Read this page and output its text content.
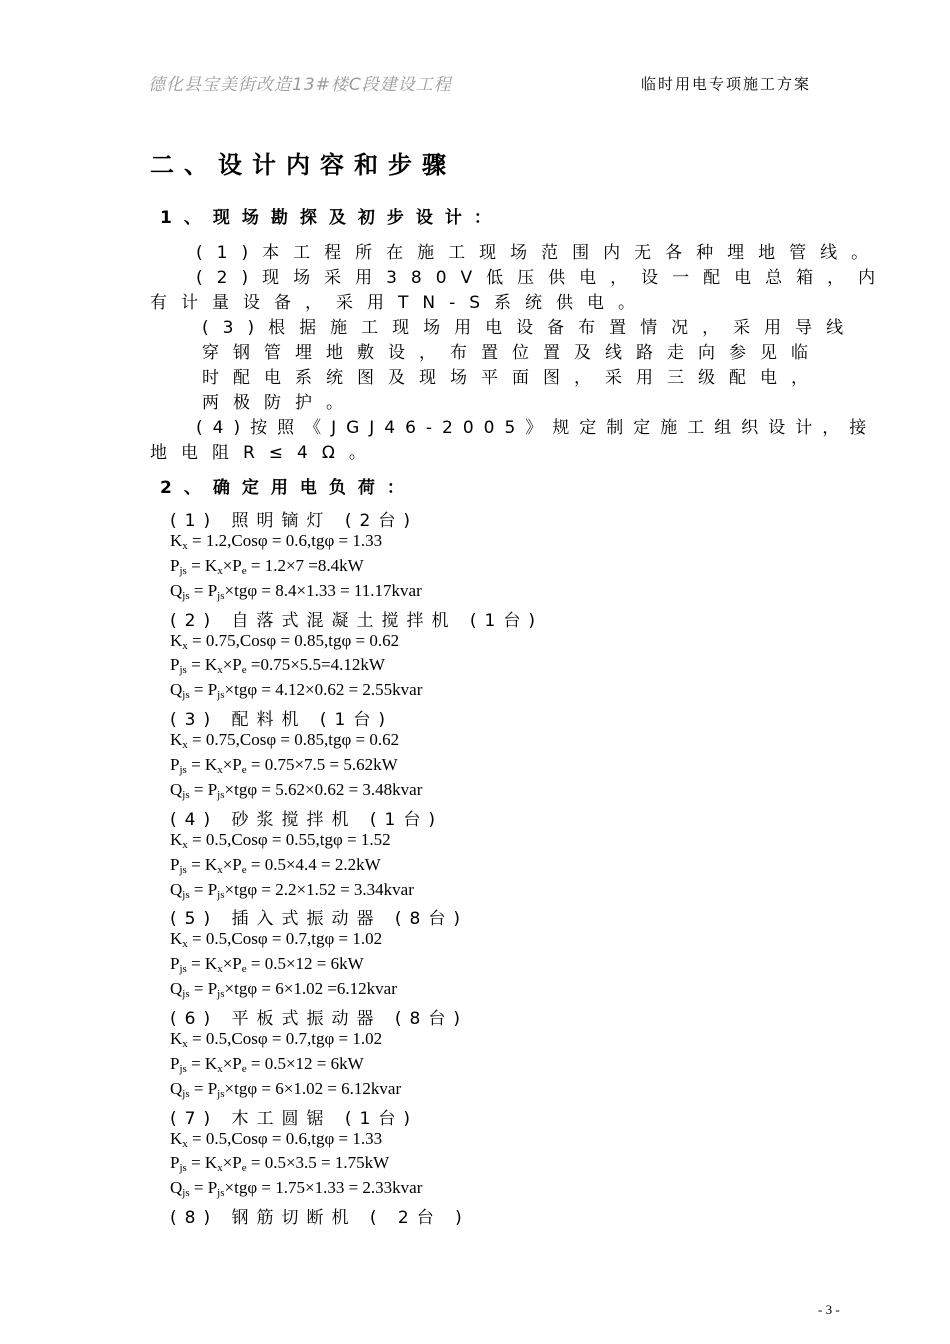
德化县宝美街改造13#楼C段建设工程	临时用电专项施工方案
二、设计内容和步骤
1、现场勘探及初步设计：
(1)本工程所在施工现场范围内无各种埋地管线。
(2)现场采用380V低压供电，设一配电总箱，内
有计量设备，采用TN-S系统供电。
(3)根据施工现场用电设备布置情况，采用导线
穿钢管埋地敷设，布置位置及线路走向参见临
时配电系统图及现场平面图，采用三级配电，
两极防护。
(4)按照《JGJ46-2005》规定制定施工组织设计，接
地电阻R≤4Ω。
2、确定用电负荷：
(1) 照明镝灯 (2台)
$K_x = 1.2,Cos\varphi = 0.6,tg\varphi = 1.33$
$P_{js} = K_x\times P_e = 1.2\times 7 =8.4kW$
$Q_{js} = P_{js}\times tg\varphi = 8.4\times 1.33$ = 11.17kvar
(2) 自落式混凝土搅拌机 (1台)
$K_x = 0.75,Cos\varphi = 0.85,tg\varphi = 0.62$
$P_{js} = K_x\times P_e =0.75\times 5.5=4.12kW$
$Q_{js} = P_{js}\times tg\varphi = 4.12\times 0.62$ = 2.55kvar
(3) 配料机 (1台)
$K_x = 0.75,Cos\varphi = 0.85,tg\varphi = 0.62$
$P_{js} = K_x\times P_e = 0.75\times 7.5 = 5.62kW$
$Q_{js} = P_{js}\times tg\varphi = 5.62\times 0.62$ = 3.48kvar
(4) 砂浆搅拌机 (1台)
$K_x = 0.5,Cos\varphi = 0.55,tg\varphi = 1.52$
$P_{js} = K_x\times P_e = 0.5\times 4.4 = 2.2kW$
$Q_{js} = P_{js}\times tg\varphi = 2.2\times 1.52$ = 3.34kvar
(5) 插入式振动器 (8台)
$K_x = 0.5,Cos\varphi = 0.7,tg\varphi = 1.02$
$P_{js} = K_x\times P_e = 0.5\times 12 = 6kW$
$Q_{js} = P_{js}\times tg\varphi = 6\times 1.02$ =6.12kvar
(6) 平板式振动器 (8台)
$K_x = 0.5,Cos\varphi = 0.7,tg\varphi = 1.02$
$P_{js} = K_x\times P_e = 0.5\times 12 = 6kW$
$Q_{js} = P_{js}\times tg\varphi = 6\times 1.02$ = 6.12kvar
(7) 木工圆锯 (1台)
$K_x = 0.5,Cos\varphi = 0.6,tg\varphi = 1.33$
$P_{js} = K_x\times P_e = 0.5\times 3.5 = 1.75kW$
$Q_{js} = P_{js}\times tg\varphi = 1.75\times 1.33$ = 2.33kvar
(8) 钢筋切断机 ( 2台 )
- 3 -
